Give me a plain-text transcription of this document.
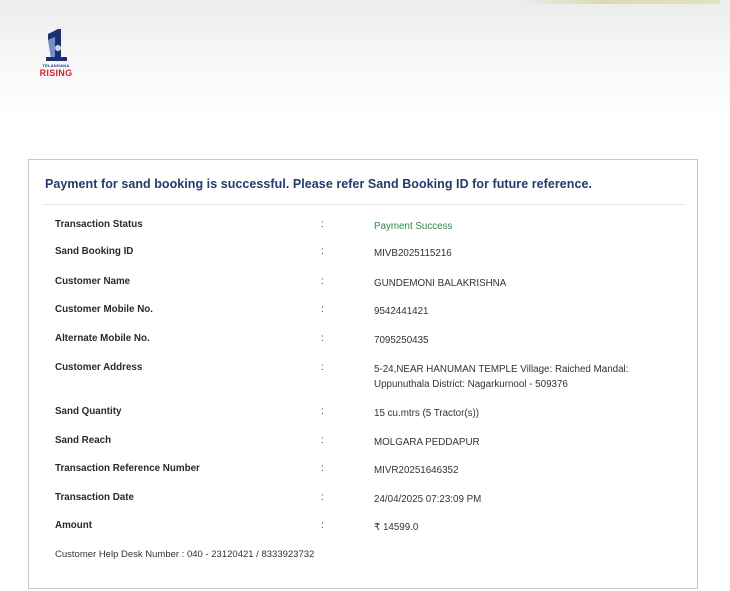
TELANGANA
RISING
Payment for sand booking is successful. Please refer Sand Booking ID for future reference.
Transaction Status	:	Payment Success
Sand Booking ID	:	MIVB2025115216
Customer Name	:	GUNDEMONI BALAKRISHNA
Customer Mobile No.	:	9542441421
Alternate Mobile No.	:	7095250435
Customer Address	:	5-24,NEAR HANUMAN TEMPLE Village: Raiched Mandal: Uppunuthala District: Nagarkurnool - 509376
Sand Quantity	:	15 cu.mtrs (5 Tractor(s))
Sand Reach	:	MOLGARA PEDDAPUR
Transaction Reference Number	:	MIVR20251646352
Transaction Date	:	24/04/2025 07:23:09 PM
Amount	:	₹ 14599.0
Customer Help Desk Number : 040 - 23120421 / 8333923732
